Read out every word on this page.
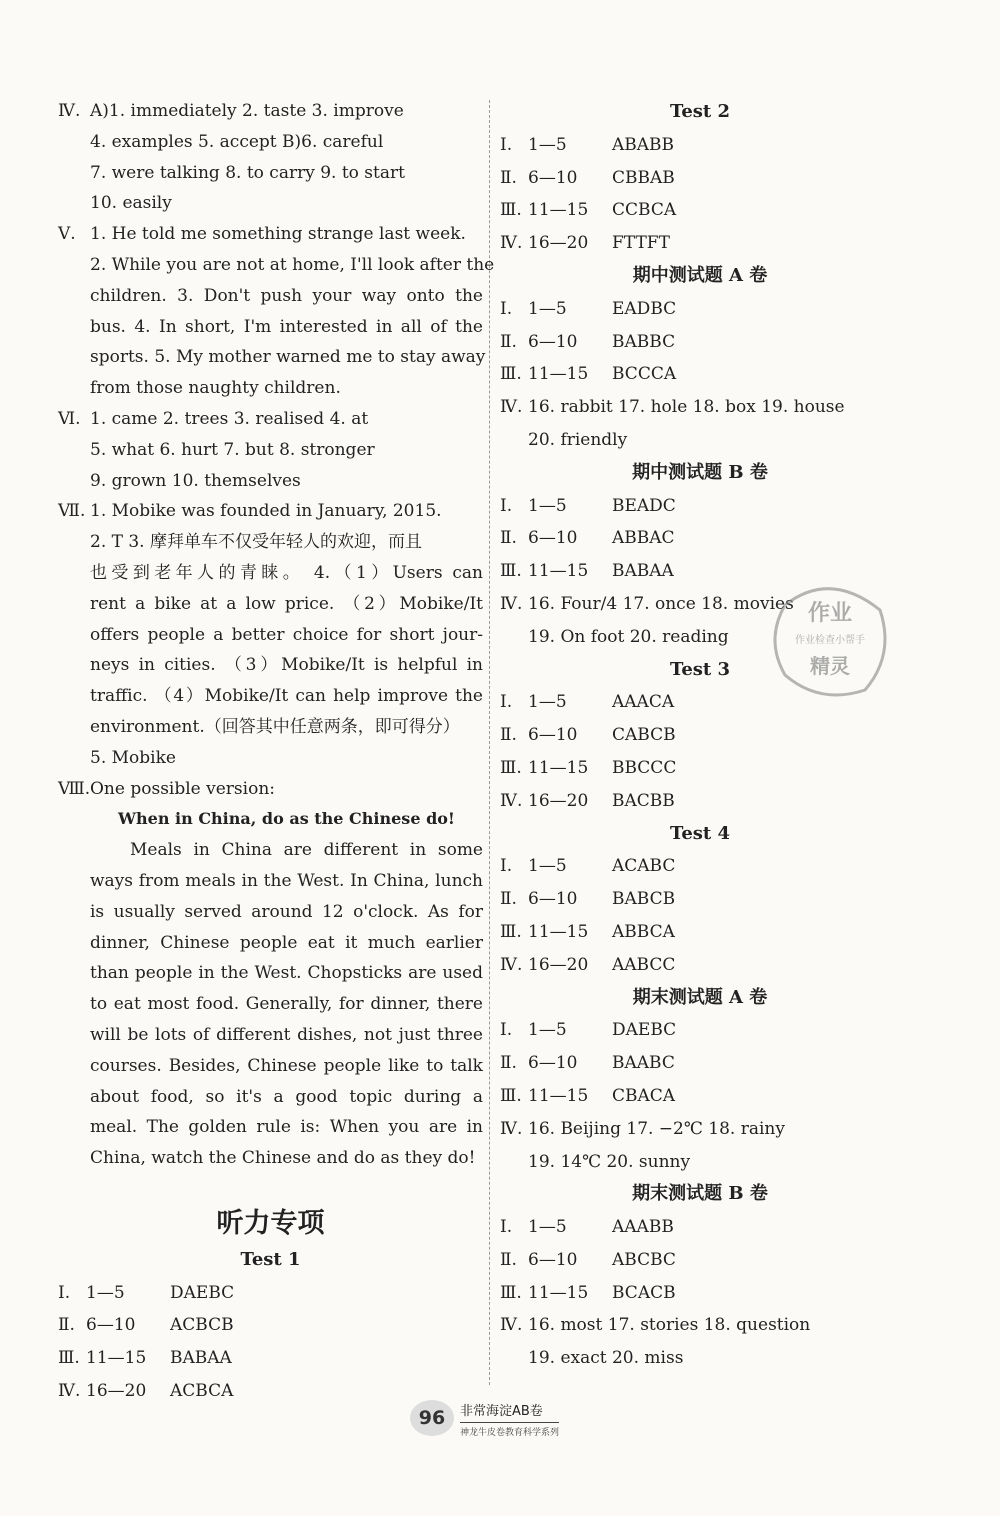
Ⅳ. A)1. immediately 2. taste 3. improve
4. examples 5. accept B)6. careful
7. were talking 8. to carry 9. to start
10. easily
Ⅴ. 1. He told me something strange last week.
2. While you are not at home, I'll look after the
children. 3. Don't push your way onto the
bus. 4. In short, I'm interested in all of the
sports. 5. My mother warned me to stay away
from those naughty children.
Ⅵ. 1. came 2. trees 3. realised 4. at
5. what 6. hurt 7. but 8. stronger
9. grown 10. themselves
Ⅶ. 1. Mobike was founded in January, 2015.
2. T 3. 摩拜单车不仅受年轻人的欢迎，而且
也受到老年人的青睐。 4.（1）Users can
rent a bike at a low price. （2）Mobike/It
offers people a better choice for short jour-
neys in cities. （3）Mobike/It is helpful in
traffic. （4）Mobike/It can help improve the
environment.（回答其中任意两条，即可得分）
5. Mobike
Ⅷ.One possible version:
When in China, do as the Chinese do!
Meals in China are different in some ways from meals in the West. In China, lunch is usually served around 12 o'clock. As for dinner, Chinese people eat it much earlier than people in the West. Chopsticks are used to eat most food. Generally, for dinner, there will be lots of different dishes, not just three courses. Besides, Chinese people like to talk about food, so it's a good topic during a meal. The golden rule is: When you are in China, watch the Chinese and do as they do!
听力专项
Test 1
Ⅰ. 1—5	DAEBC
Ⅱ. 6—10 ACBCB
Ⅲ. 11—15 BABAA
Ⅳ. 16—20 ACBCA
Test 2
Ⅰ. 1—5	ABABB
Ⅱ. 6—10 CBBAB
Ⅲ. 11—15 CCBCA
Ⅳ. 16—20 FTTFT
期中测试题 A 卷
Ⅰ. 1—5	EADBC
Ⅱ. 6—10 BABBC
Ⅲ. 11—15 BCCCA
Ⅳ. 16. rabbit 17. hole 18. box 19. house
20. friendly
期中测试题 B 卷
Ⅰ. 1—5	BEADC
Ⅱ. 6—10 ABBAC
Ⅲ. 11—15 BABAA
Ⅳ. 16. Four/4 17. once 18. movies
19. On foot 20. reading
Test 3
Ⅰ. 1—5	AAACA
Ⅱ. 6—10 CABCB
Ⅲ. 11—15 BBCCC
Ⅳ. 16—20 BACBB
Test 4
Ⅰ. 1—5	ACABC
Ⅱ. 6—10 BABCB
Ⅲ. 11—15 ABBCA
Ⅳ. 16—20 AABCC
期末测试题 A 卷
Ⅰ. 1—5	DAEBC
Ⅱ. 6—10 BAABC
Ⅲ. 11—15 CBACA
Ⅳ. 16. Beijing 17. −2℃ 18. rainy
19. 14℃ 20. sunny
期末测试题 B 卷
Ⅰ. 1—5	AAABB
Ⅱ. 6—10 ABCBC
Ⅲ. 11—15 BCACB
Ⅳ. 16. most 17. stories 18. question
19. exact 20. miss
作业
作业检查小帮手
精灵
96	非常海淀AB卷
神龙牛皮卷教育科学系列
